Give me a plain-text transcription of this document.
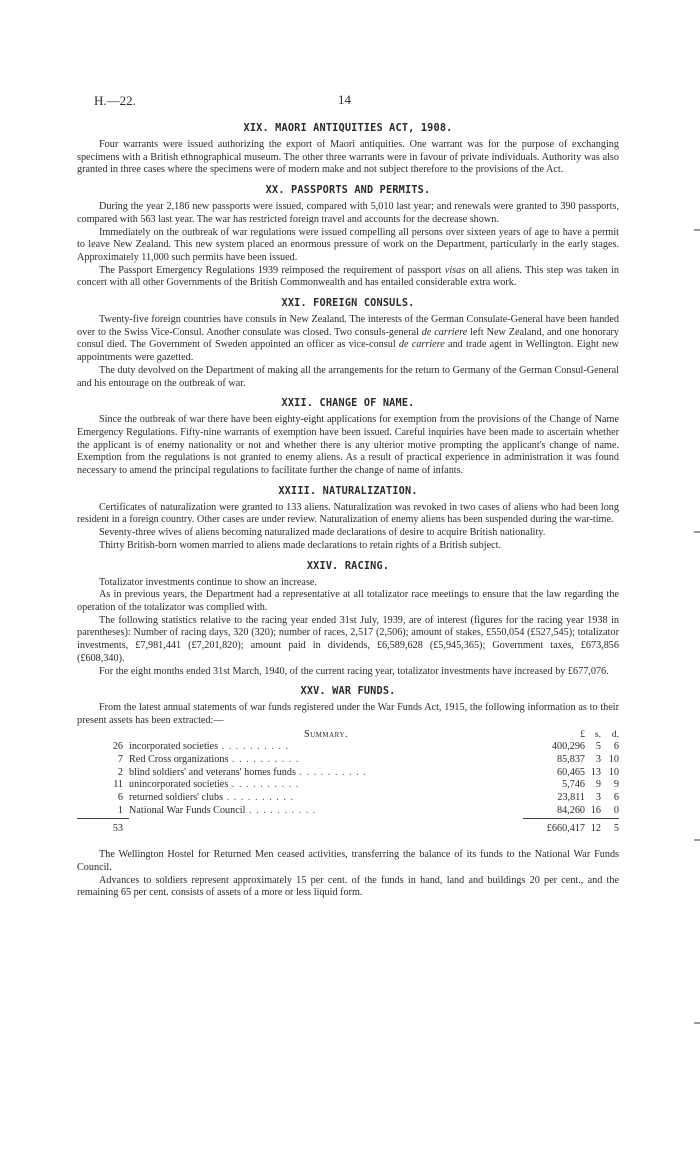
H.—22.	14
XIX. MAORI ANTIQUITIES ACT, 1908.

Four warrants were issued authorizing the export of Maori antiquities. One warrant was for the purpose of exchanging specimens with a British ethnographical museum. The other three warrants were in favour of private individuals. Authority was also granted in three cases where the specimens were of modern make and not subject therefore to the provisions of the Act.

XX. PASSPORTS AND PERMITS.

During the year 2,186 new passports were issued, compared with 5,010 last year; and renewals were granted to 390 passports, compared with 563 last year. The war has restricted foreign travel and accounts for the decrease shown.

Immediately on the outbreak of war regulations were issued compelling all persons over sixteen years of age to have a permit to leave New Zealand. This new system placed an enormous pressure of work on the Department, particularly in the early stages. Approximately 11,000 such permits have been issued.

The Passport Emergency Regulations 1939 reimposed the requirement of passport visas on all aliens. This step was taken in concert with all other Governments of the British Commonwealth and has entailed considerable extra work.

XXI. FOREIGN CONSULS.

Twenty-five foreign countries have consuls in New Zealand. The interests of the German Consulate-General have been handed over to the Swiss Vice-Consul. Another consulate was closed. Two consuls-general de carriere left New Zealand, and one honorary consul died. The Government of Sweden appointed an officer as vice-consul de carriere and trade agent in Wellington. Eight new appointments were gazetted.

The duty devolved on the Department of making all the arrangements for the return to Germany of the German Consul-General and his entourage on the outbreak of war.

XXII. CHANGE OF NAME.

Since the outbreak of war there have been eighty-eight applications for exemption from the provisions of the Change of Name Emergency Regulations. Fifty-nine warrants of exemption have been issued. Careful inquiries have been made to ascertain whether the applicant is of enemy nationality or not and whether there is any ulterior motive prompting the applicant's change of name. Exemption from the regulations is not granted to enemy aliens. As a result of practical experience in administration it was found necessary to amend the principal regulations to facilitate further the change of name of infants.

XXIII. NATURALIZATION.

Certificates of naturalization were granted to 133 aliens. Naturalization was revoked in two cases of aliens who had been long resident in a foreign country. Other cases are under review. Naturalization of enemy aliens has been suspended during the war-time.

Seventy-three wives of aliens becoming naturalized made declarations of desire to acquire British nationality.

Thirty British-born women married to aliens made declarations to retain rights of a British subject.

XXIV. RACING.

Totalizator investments continue to show an increase.

As in previous years, the Department had a representative at all totalizator race meetings to ensure that the law regarding the operation of the totalizator was complied with.

The following statistics relative to the racing year ended 31st July, 1939, are of interest (figures for the racing year 1938 in parentheses): Number of racing days, 320 (320); number of races, 2,517 (2,506); amount of stakes, £550,054 (£527,545); totalizator investments, £7,981,441 (£7,201,820); amount paid in dividends, £6,589,628 (£5,945,365); Government taxes, £673,856 (£608,340).

For the eight months ended 31st March, 1940, of the current racing year, totalizator investments have increased by £677,076.

XXV. WAR FUNDS.

From the latest annual statements of war funds registered under the War Funds Act, 1915, the following information as to their present assets has been extracted:—

	Summary.	£	s.	d.
26	incorporated societies . . . . . . . . . .	400,296	5	6
7	Red Cross organizations . . . . . . . . . .	85,837	3	10
2	blind soldiers' and veterans' homes funds . . . . . . . . . .	60,465	13	10
11	unincorporated societies . . . . . . . . . .	5,746	9	9
6	returned soldiers' clubs . . . . . . . . . .	23,811	3	6
1	National War Funds Council . . . . . . . . . .	84,260	16	0
53		£660,417	12	5

The Wellington Hostel for Returned Men ceased activities, transferring the balance of its funds to the National War Funds Council.

Advances to soldiers represent approximately 15 per cent. of the funds in hand, land and buildings 20 per cent., and the remaining 65 per cent. consists of assets of a more or less liquid form.
